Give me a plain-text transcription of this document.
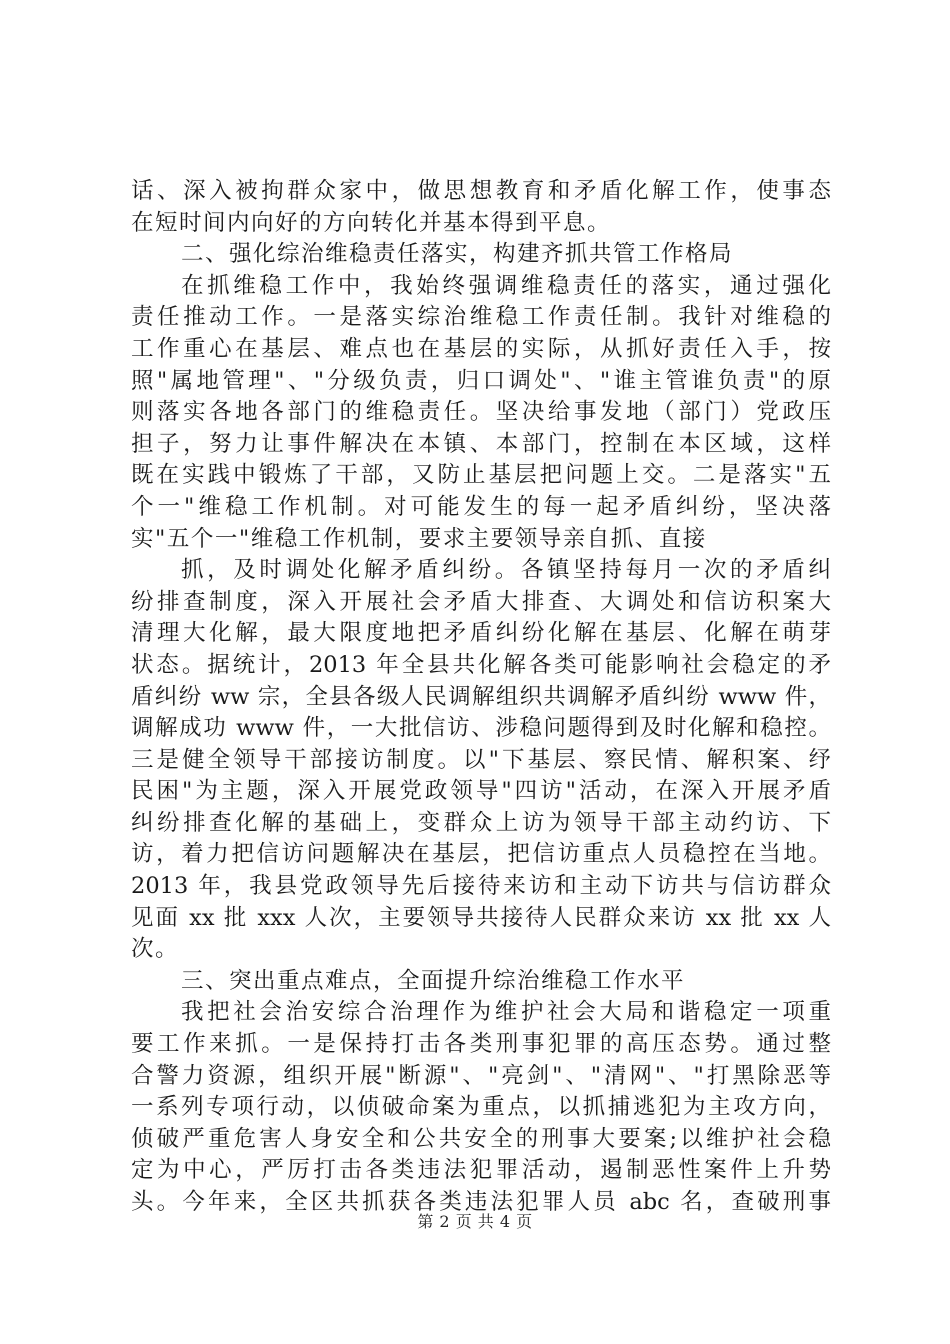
话、深入被拘群众家中，做思想教育和矛盾化解工作，使事态
在短时间内向好的方向转化并基本得到平息。
二、强化综治维稳责任落实，构建齐抓共管工作格局
在抓维稳工作中，我始终强调维稳责任的落实，通过强化
责任推动工作。一是落实综治维稳工作责任制。我针对维稳的
工作重心在基层、难点也在基层的实际，从抓好责任入手，按
照"属地管理"、"分级负责，归口调处"、"谁主管谁负责"的原
则落实各地各部门的维稳责任。坚决给事发地（部门）党政压
担子，努力让事件解决在本镇、本部门，控制在本区域，这样
既在实践中锻炼了干部，又防止基层把问题上交。二是落实"五
个一"维稳工作机制。对可能发生的每一起矛盾纠纷，坚决落
实"五个一"维稳工作机制，要求主要领导亲自抓、直接
抓，及时调处化解矛盾纠纷。各镇坚持每月一次的矛盾纠
纷排查制度，深入开展社会矛盾大排查、大调处和信访积案大
清理大化解，最大限度地把矛盾纠纷化解在基层、化解在萌芽
状态。据统计，2013 年全县共化解各类可能影响社会稳定的矛
盾纠纷 ww 宗，全县各级人民调解组织共调解矛盾纠纷 www 件，
调解成功 www 件，一大批信访、涉稳问题得到及时化解和稳控。
三是健全领导干部接访制度。以"下基层、察民情、解积案、纾
民困"为主题，深入开展党政领导"四访"活动，在深入开展矛盾
纠纷排查化解的基础上，变群众上访为领导干部主动约访、下
访，着力把信访问题解决在基层，把信访重点人员稳控在当地。
2013 年，我县党政领导先后接待来访和主动下访共与信访群众
见面 xx 批 xxx 人次，主要领导共接待人民群众来访 xx 批 xx 人
次。
三、突出重点难点，全面提升综治维稳工作水平
我把社会治安综合治理作为维护社会大局和谐稳定一项重
要工作来抓。一是保持打击各类刑事犯罪的高压态势。通过整
合警力资源，组织开展"断源"、"亮剑"、"清网"、"打黑除恶等
一系列专项行动，以侦破命案为重点，以抓捕逃犯为主攻方向，
侦破严重危害人身安全和公共安全的刑事大要案;以维护社会稳
定为中心，严厉打击各类违法犯罪活动，遏制恶性案件上升势
头。今年来，全区共抓获各类违法犯罪人员 abc 名，查破刑事
第 2 页 共 4 页
